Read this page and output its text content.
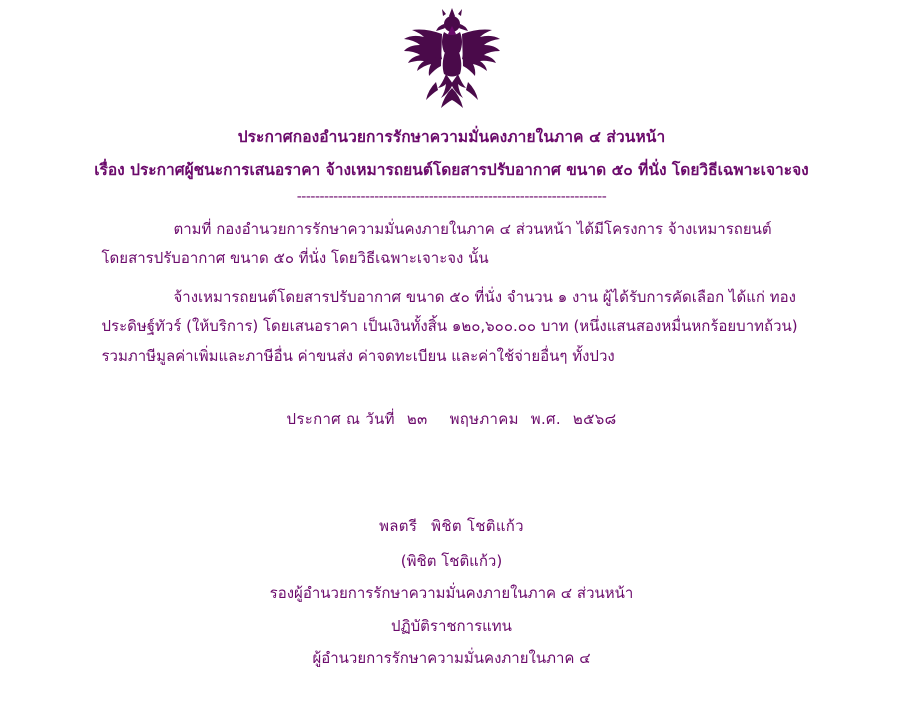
ประกาศกองอำนวยการรักษาความมั่นคงภายในภาค ๔ ส่วนหน้า
เรื่อง ประกาศผู้ชนะการเสนอราคา จ้างเหมารถยนต์โดยสารปรับอากาศ ขนาด ๕๐ ที่นั่ง โดยวิธีเฉพาะเจาะจง
--------------------------------------------------------------------
ตามที่ กองอำนวยการรักษาความมั่นคงภายในภาค ๔ ส่วนหน้า ได้มีโครงการ จ้างเหมารถยนต์โดยสารปรับอากาศ ขนาด ๕๐ ที่นั่ง โดยวิธีเฉพาะเจาะจง นั้น
จ้างเหมารถยนต์โดยสารปรับอากาศ ขนาด ๕๐ ที่นั่ง จำนวน ๑ งาน ผู้ได้รับการคัดเลือก ได้แก่ ทองประดิษฐ์ทัวร์ (ให้บริการ) โดยเสนอราคา เป็นเงินทั้งสิ้น ๑๒๐,๖๐๐.๐๐ บาท (หนึ่งแสนสองหมื่นหกร้อยบาทถ้วน) รวมภาษีมูลค่าเพิ่มและภาษีอื่น ค่าขนส่ง ค่าจดทะเบียน และค่าใช้จ่ายอื่นๆ ทั้งปวง
ประกาศ ณ วันที่ ๒๓ พฤษภาคม พ.ศ. ๒๕๖๘
พลตรี พิชิต โชติแก้ว
(พิชิต โชติแก้ว)
รองผู้อำนวยการรักษาความมั่นคงภายในภาค ๔ ส่วนหน้า
ปฏิบัติราชการแทน
ผู้อำนวยการรักษาความมั่นคงภายในภาค ๔
